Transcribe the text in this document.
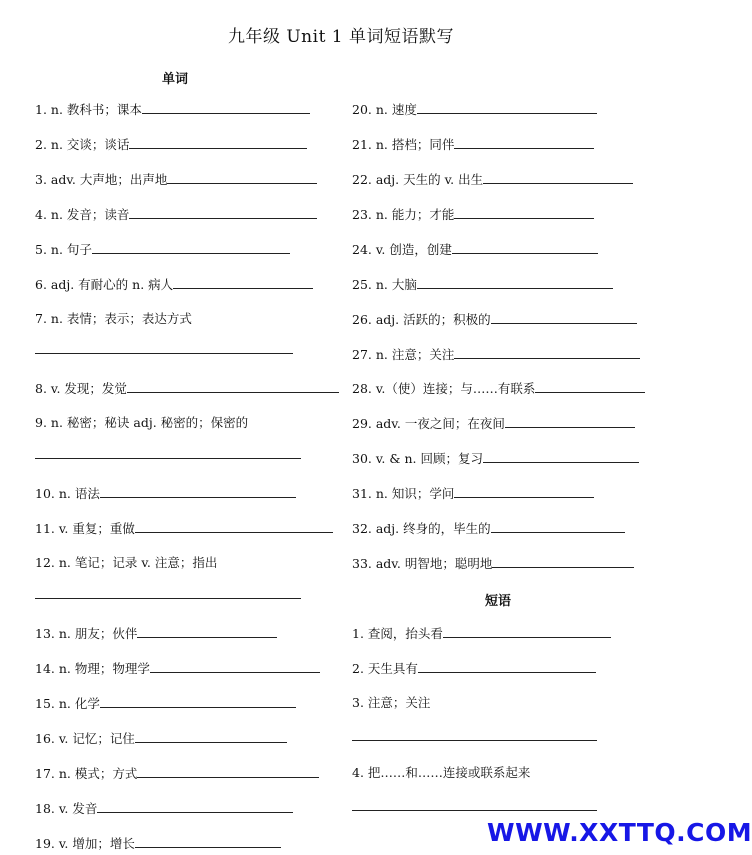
九年级 Unit 1 单词短语默写
单词
短语
1. n. 教科书；课本
2. n. 交谈；谈话
3. adv. 大声地；出声地
4. n. 发音；读音
5. n. 句子
6. adj. 有耐心的 n. 病人
7. n. 表情；表示；表达方式
8. v. 发现；发觉
9. n. 秘密；秘诀 adj. 秘密的；保密的
10. n. 语法
11. v. 重复；重做
12. n. 笔记；记录 v. 注意；指出
13. n. 朋友；伙伴
14. n. 物理；物理学
15. n. 化学
16. v. 记忆；记住
17. n. 模式；方式
18. v. 发音
19. v. 增加；增长
20. n. 速度
21. n. 搭档；同伴
22. adj. 天生的 v. 出生
23. n. 能力；才能
24. v. 创造，创建
25. n. 大脑
26. adj. 活跃的；积极的
27. n. 注意；关注
28. v.（使）连接；与……有联系
29. adv. 一夜之间；在夜间
30. v. & n. 回顾；复习
31. n. 知识；学问
32. adj. 终身的，毕生的
33. adv. 明智地；聪明地
1. 查阅，抬头看
2. 天生具有
3. 注意；关注
4. 把……和……连接或联系起来
WWW.XXTTQ.COM
